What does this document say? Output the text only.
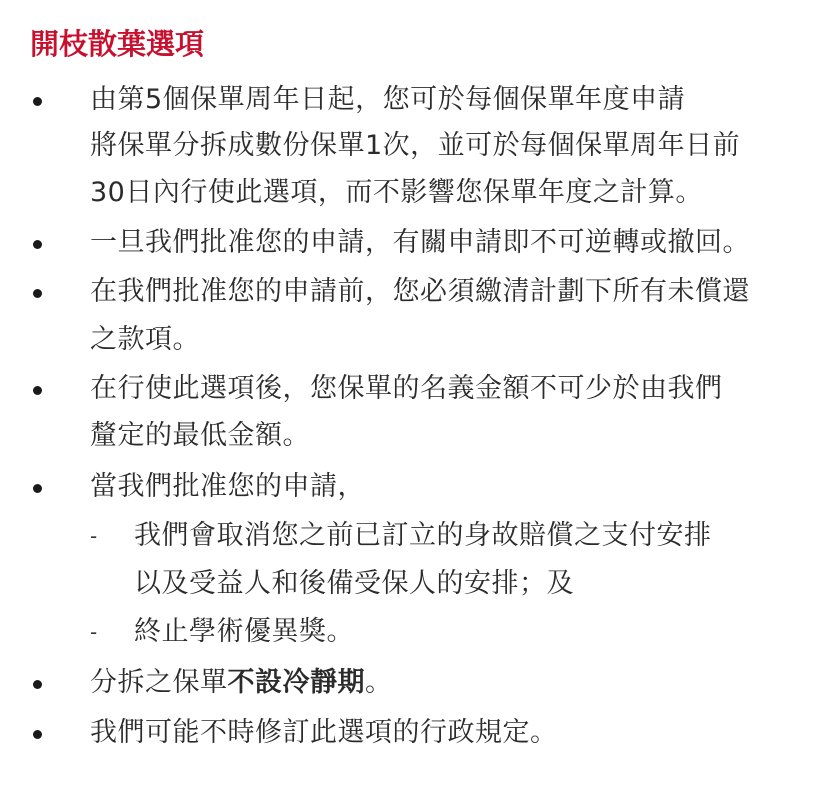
開枝散葉選項
由第5個保單周年日起，您可於每個保單年度申請
將保單分拆成數份保單1次，並可於每個保單周年日前
30日內行使此選項，而不影響您保單年度之計算。
一旦我們批准您的申請，有關申請即不可逆轉或撤回。
在我們批准您的申請前，您必須繳清計劃下所有未償還
之款項。
在行使此選項後，您保單的名義金額不可少於由我們
釐定的最低金額。
當我們批准您的申請，
- 我們會取消您之前已訂立的身故賠償之支付安排
以及受益人和後備受保人的安排；及
- 終止學術優異獎。
分拆之保單不設冷靜期。
我們可能不時修訂此選項的行政規定。
